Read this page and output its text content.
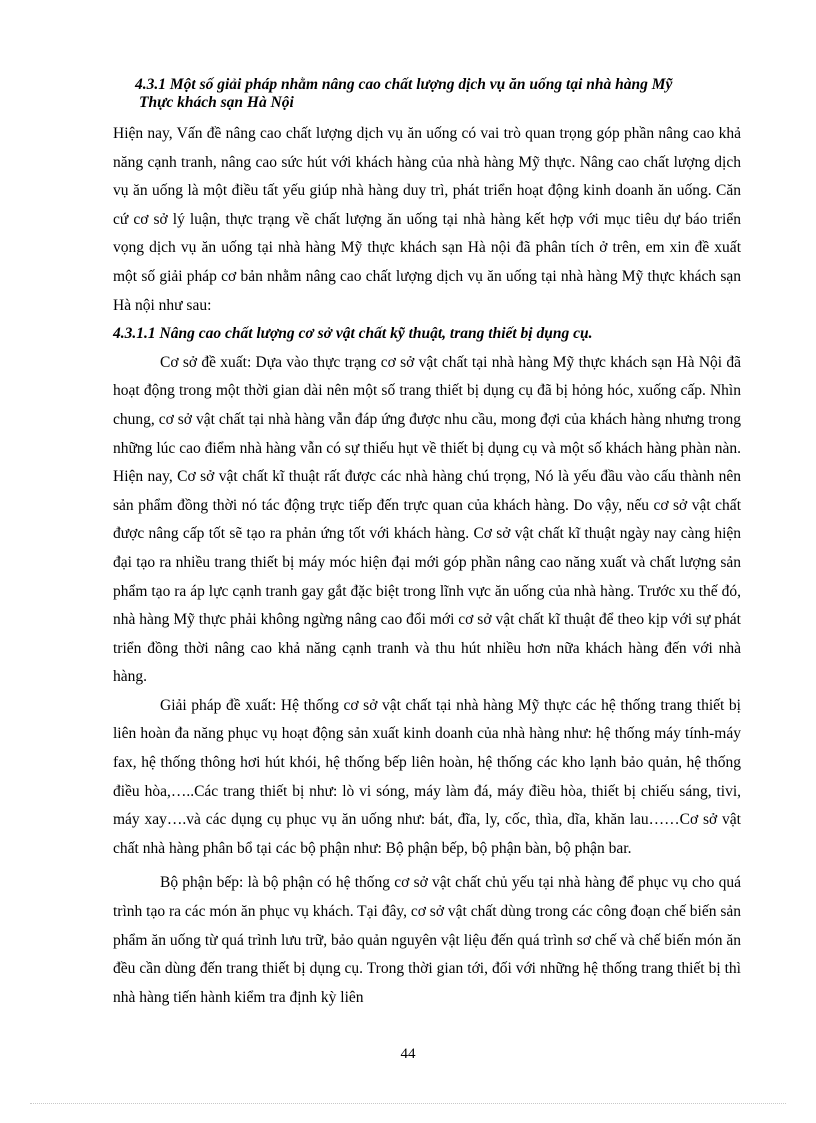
4.3.1 Một số giải pháp nhằm nâng cao chất lượng dịch vụ ăn uống tại nhà hàng Mỹ
Thực khách sạn Hà Nội

Hiện nay, Vấn đề nâng cao chất lượng dịch vụ ăn uống có vai trò quan trọng góp phần nâng cao khả năng cạnh tranh, nâng cao sức hút với khách hàng của nhà hàng Mỹ thực. Nâng cao chất lượng dịch vụ ăn uống là một điều tất yếu giúp nhà hàng duy trì, phát triển hoạt động kinh doanh ăn uống. Căn cứ cơ sở lý luận, thực trạng về chất lượng ăn uống tại nhà hàng kết hợp với mục tiêu dự báo triển vọng dịch vụ ăn uống tại nhà hàng Mỹ thực khách sạn Hà nội đã phân tích ở trên, em xin đề xuất một số giải pháp cơ bản nhằm nâng cao chất lượng dịch vụ ăn uống tại nhà hàng Mỹ thực khách sạn Hà nội như sau:

4.3.1.1 Nâng cao chất lượng cơ sở vật chất kỹ thuật, trang thiết bị dụng cụ.

Cơ sở đề xuất: Dựa vào thực trạng cơ sở vật chất tại nhà hàng Mỹ thực khách sạn Hà Nội đã hoạt động trong một thời gian dài nên một số trang thiết bị dụng cụ đã bị hỏng hóc, xuống cấp. Nhìn chung, cơ sở vật chất tại nhà hàng vẫn đáp ứng được nhu cầu, mong đợi của khách hàng nhưng trong những lúc cao điểm nhà hàng vẫn có sự thiếu hụt về thiết bị dụng cụ và một số khách hàng phàn nàn. Hiện nay, Cơ sở vật chất kĩ thuật rất được các nhà hàng chú trọng, Nó là yếu đầu vào cấu thành nên sản phẩm đồng thời nó tác động trực tiếp đến trực quan của khách hàng. Do vậy, nếu cơ sở vật chất được nâng cấp tốt sẽ tạo ra phản ứng tốt với khách hàng. Cơ sở vật chất kĩ thuật ngày nay càng hiện đại tạo ra nhiều trang thiết bị máy móc hiện đại mới góp phần nâng cao năng xuất và chất lượng sản phẩm tạo ra áp lực cạnh tranh gay gắt đặc biệt trong lĩnh vực ăn uống của nhà hàng. Trước xu thế đó, nhà hàng Mỹ thực phải không ngừng nâng cao đổi mới cơ sở vật chất kĩ thuật để theo kịp với sự phát triển đồng thời nâng cao khả năng cạnh tranh và thu hút nhiều hơn nữa khách hàng đến với nhà hàng.

Giải pháp đề xuất: Hệ thống cơ sở vật chất tại nhà hàng Mỹ thực các hệ thống trang thiết bị liên hoàn đa năng phục vụ hoạt động sản xuất kinh doanh của nhà hàng như: hệ thống máy tính-máy fax, hệ thống thông hơi hút khói, hệ thống bếp liên hoàn, hệ thống các kho lạnh bảo quản, hệ thống điều hòa,…..Các trang thiết bị như: lò vi sóng, máy làm đá, máy điều hòa, thiết bị chiếu sáng, tivi, máy xay….và các dụng cụ phục vụ ăn uống như: bát, đĩa, ly, cốc, thìa, dĩa, khăn lau……Cơ sở vật chất nhà hàng phân bổ tại các bộ phận như: Bộ phận bếp, bộ phận bàn, bộ phận bar.

Bộ phận bếp: là bộ phận có hệ thống cơ sở vật chất chủ yếu tại nhà hàng để phục vụ cho quá trình tạo ra các món ăn phục vụ khách. Tại đây, cơ sở vật chất dùng trong các công đoạn chế biến sản phẩm ăn uống từ quá trình lưu trữ, bảo quản nguyên vật liệu đến quá trình sơ chế và chế biến món ăn đều cần dùng đến trang thiết bị dụng cụ. Trong thời gian tới, đối với những hệ thống trang thiết bị thì nhà hàng tiến hành kiểm tra định kỳ liên

44
